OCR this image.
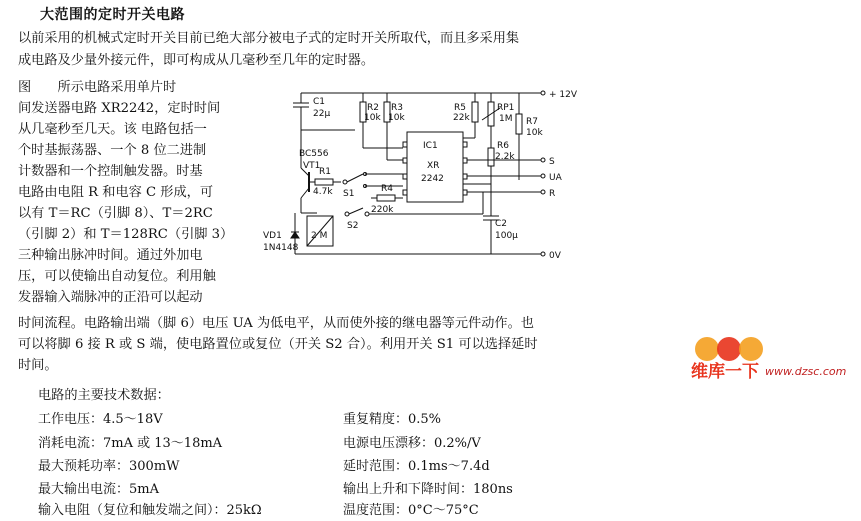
大范围的定时开关电路
以前采用的机械式定时开关目前已绝大部分被电子式的定时开关所取代，而且多采用集
成电路及少量外接元件，即可构成从几毫秒至几年的定时器。
图　　所示电路采用单片时
间发送器电路 XR2242，定时时间
从几毫秒至几天。该 电路包括一
个时基振荡器、一个 8 位二进制
计数器和一个控制触发器。时基
电路由电阻 R 和电容 C 形成，可
以有 T＝RC（引脚 8）、T＝2RC
（引脚 2）和 T＝128RC（引脚 3）
三种输出脉冲时间。通过外加电
压，可以使输出自动复位。利用触
发器输入端脉冲的正沿可以起动
时间流程。电路输出端（脚 6）电压 UA 为低电平，从而使外接的继电器等元件动作。也
可以将脚 6 接 R 或 S 端，使电路置位或复位（开关 S2 合）。利用开关 S1 可以选择延时
时间。
电路的主要技术数据：
工作电压：4.5～18V
消耗电流：7mA 或 13～18mA
最大预耗功率：300mW
最大输出电流：5mA
输入电阻（复位和触发端之间）：25kΩ
重复精度：0.5%
电源电压漂移：0.2%/V
延时范围：0.1ms～7.4d
输出上升和下降时间：180ns
温度范围：0°C～75°C
+ 12V
C1
22μ
R2
10k
R3
10k
R5
22k
RP1
1M
R6
2.2k
R7
10k
IC1
XR
2242
S
UA
R
BC556
VT1
R1
4.7k S1	R4
220k
S2	C2
100μ
2 M
VD1
1N4148
0V
维库一下 www.dzsc.com
